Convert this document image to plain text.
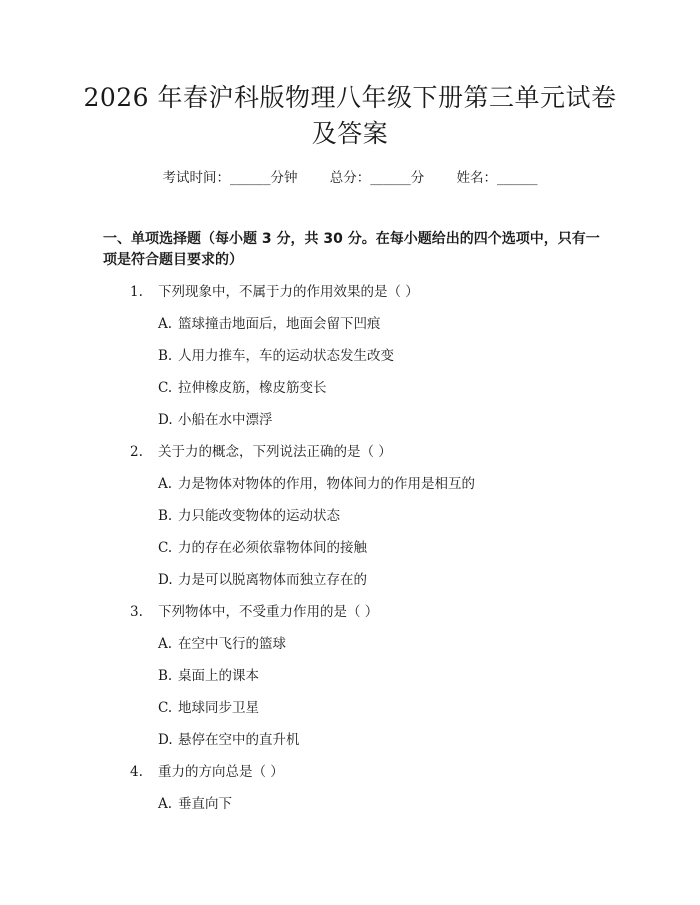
2026 年春沪科版物理八年级下册第三单元试卷及答案
考试时间：______分钟 总分：______分 姓名：______
一、单项选择题（每小题 3 分，共 30 分。在每小题给出的四个选项中，只有一项是符合题目要求的）
1. 下列现象中，不属于力的作用效果的是（ ）
A. 篮球撞击地面后，地面会留下凹痕
B. 人用力推车，车的运动状态发生改变
C. 拉伸橡皮筋，橡皮筋变长
D. 小船在水中漂浮
2. 关于力的概念，下列说法正确的是（ ）
A. 力是物体对物体的作用，物体间力的作用是相互的
B. 力只能改变物体的运动状态
C. 力的存在必须依靠物体间的接触
D. 力是可以脱离物体而独立存在的
3. 下列物体中，不受重力作用的是（ ）
A. 在空中飞行的篮球
B. 桌面上的课本
C. 地球同步卫星
D. 悬停在空中的直升机
4. 重力的方向总是（ ）
A. 垂直向下
